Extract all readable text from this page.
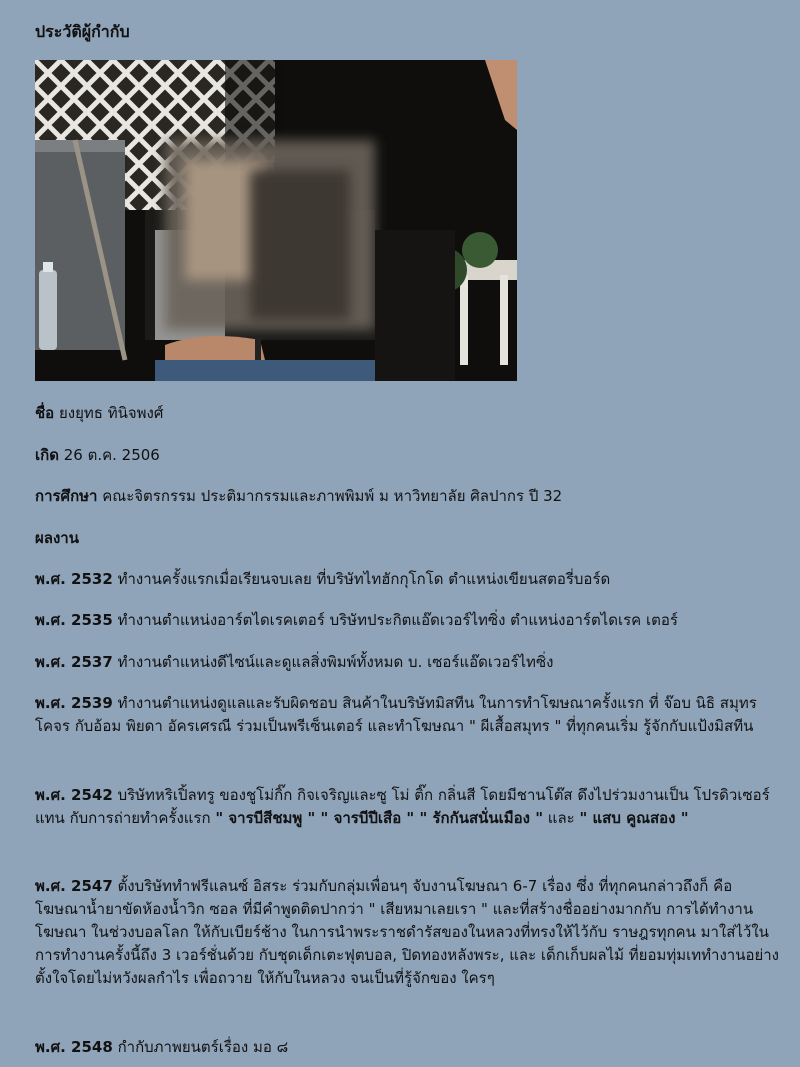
ประวัติผู้กำกับ
ชื่อ ยงยุทธ ทินิจพงศ์
เกิด 26 ต.ค. 2506
การศึกษา คณะจิตรกรรม ประติมากรรมและภาพพิมพ์ ม หาวิทยาลัย ศิลปากร ปี 32
ผลงาน
พ.ศ. 2532 ทำงานครั้งแรกเมื่อเรียนจบเลย ที่บริษัทไทฮักกุโกโด ตำแหน่งเขียนสตอรี่บอร์ด
พ.ศ. 2535 ทำงานตำแหน่งอาร์ตไดเรคเตอร์ บริษัทประกิตแอ๊ดเวอร์ไทซิ่ง ตำแหน่งอาร์ตไดเรค เตอร์
พ.ศ. 2537 ทำงานตำแหน่งดีไซน์และดูแลสิ่งพิมพ์ทั้งหมด บ. เซอร์แอ๊ดเวอร์ไทซิ่ง
พ.ศ. 2539 ทำงานตำแหน่งดูแลและรับผิดชอบ สินค้าในบริษัทมิสทีน ในการทำโฆษณาครั้งแรก ที่ จ๊อบ นิธิ สมุทรโคจร กับอ้อม พิยดา อัครเศรณี ร่วมเป็นพรีเซ็นเตอร์ และทำโฆษณา " ผีเสื้อสมุทร " ที่ทุกคนเริ่ม รู้จักกับแป้งมิสทีน
พ.ศ. 2542 บริษัทหริเปิ้ลทรู ของชูโม่กิ๊ก กิจเจริญและซู โม่ ติ๊ก กลิ่นสี โดยมีชานโต๊ส ดึงไปร่วมงานเป็น โปรดิวเซอร์แทน กับการถ่ายทำครั้งแรก " จารบีสีชมพู " " จารบีปีเสือ " " รักกันสนั่นเมือง " และ " แสบ คูณสอง "
พ.ศ. 2547 ตั้งบริษัททำฟรีแลนซ์ อิสระ ร่วมกับกลุ่มเพื่อนๆ จับงานโฆษณา 6-7 เรื่อง ซึ่ง ที่ทุกคนกล่าวถึงก็ คือ โฆษณาน้ำยาขัดห้องน้ำวิก ซอล ที่มีคำพูดติดปากว่า " เสียหมาเลยเรา " และที่สร้างชื่ออย่างมากกับ การได้ทำงานโฆษณา ในช่วงบอลโลก ให้กับเบียร์ช้าง ในการนำพระราชดำรัสของในหลวงที่ทรงให้ไว้กับ ราษฎรทุกคน มาใส่ไว้ในการทำงานครั้งนี้ถึง 3 เวอร์ชั่นด้วย กับชุดเด็กเตะฟุตบอล, ปิดทองหลังพระ, และ เด็กเก็บผลไม้ ที่ยอมทุ่มเททำงานอย่างตั้งใจโดยไม่หวังผลกำไร เพื่อถวาย ให้กับในหลวง จนเป็นที่รู้จักของ ใครๆ
พ.ศ. 2548 กำกับภาพยนตร์เรื่อง มอ ๘
